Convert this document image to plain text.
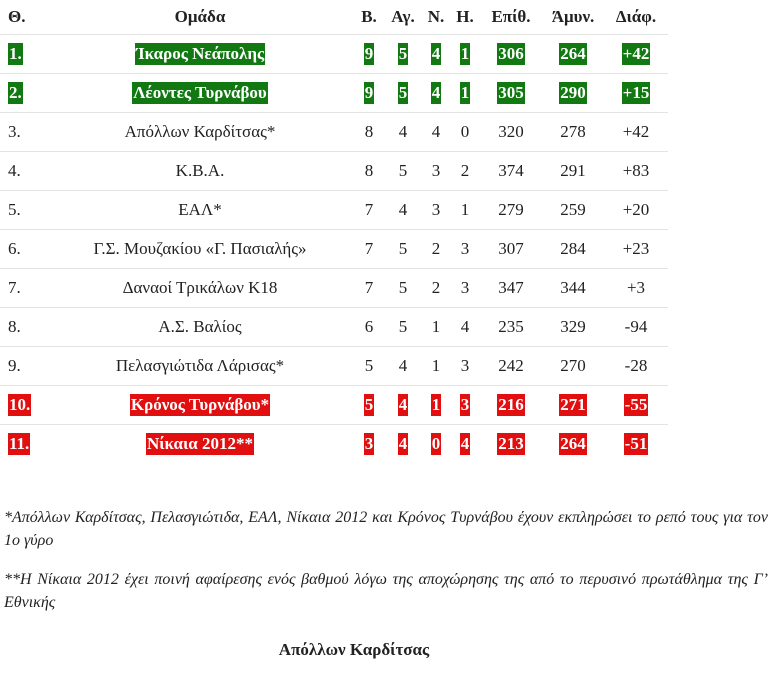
Θ.	Ομάδα	Β.	Αγ.	Ν.	Η.	Επίθ.	Άμυν.	Διάφ.
1.	Ίκαρος Νεάπολης	9	5	4	1	306	264	+42
2.	Λέοντες Τυρνάβου	9	5	4	1	305	290	+15
3.	Απόλλων Καρδίτσας*	8	4	4	0	320	278	+42
4.	Κ.Β.Α.	8	5	3	2	374	291	+83
5.	ΕΑΛ*	7	4	3	1	279	259	+20
6.	Γ.Σ. Μουζακίου «Γ. Πασιαλής»	7	5	2	3	307	284	+23
7.	Δαναοί Τρικάλων Κ18	7	5	2	3	347	344	+3
8.	Α.Σ. Βαλίος	6	5	1	4	235	329	-94
9.	Πελασγιώτιδα Λάρισας*	5	4	1	3	242	270	-28
10.	Κρόνος Τυρνάβου*	5	4	1	3	216	271	-55
11.	Νίκαια 2012**	3	4	0	4	213	264	-51

*Απόλλων Καρδίτσας, Πελασγιώτιδα, ΕΑΛ, Νίκαια 2012 και Κρόνος Τυρνάβου έχουν εκπληρώσει το ρεπό τους για τον 1ο γύρο

**Η Νίκαια 2012 έχει ποινή αφαίρεσης ενός βαθμού λόγω της αποχώρησης της από το περυσινό πρωτάθλημα της Γ’ Εθνικής

Απόλλων Καρδίτσας
